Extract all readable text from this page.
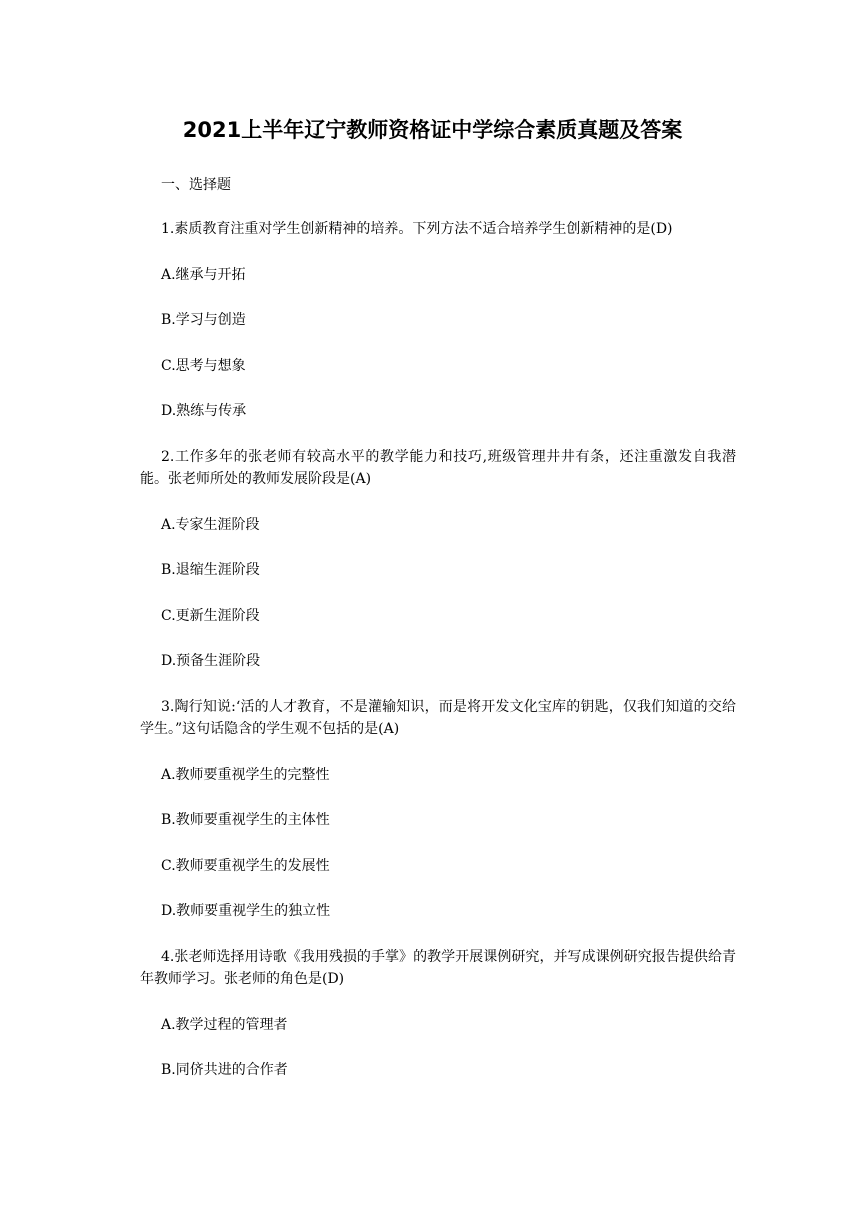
2021上半年辽宁教师资格证中学综合素质真题及答案
一、选择题

1.素质教育注重对学生创新精神的培养。下列方法不适合培养学生创新精神的是(D)

A.继承与开拓

B.学习与创造

C.思考与想象

D.熟练与传承

2.工作多年的张老师有较高水平的教学能力和技巧,班级管理井井有条，还注重激发自我潜能。张老师所处的教师发展阶段是(A)

A.专家生涯阶段

B.退缩生涯阶段

C.更新生涯阶段

D.预备生涯阶段

3.陶行知说:‘活的人才教育，不是灌输知识，而是将开发文化宝库的钥匙，仅我们知道的交给学生。”这句话隐含的学生观不包括的是(A)

A.教师要重视学生的完整性

B.教师要重视学生的主体性

C.教师要重视学生的发展性

D.教师要重视学生的独立性

4.张老师选择用诗歌《我用残损的手掌》的教学开展课例研究，并写成课例研究报告提供给青年教师学习。张老师的角色是(D)

A.教学过程的管理者

B.同侪共进的合作者
